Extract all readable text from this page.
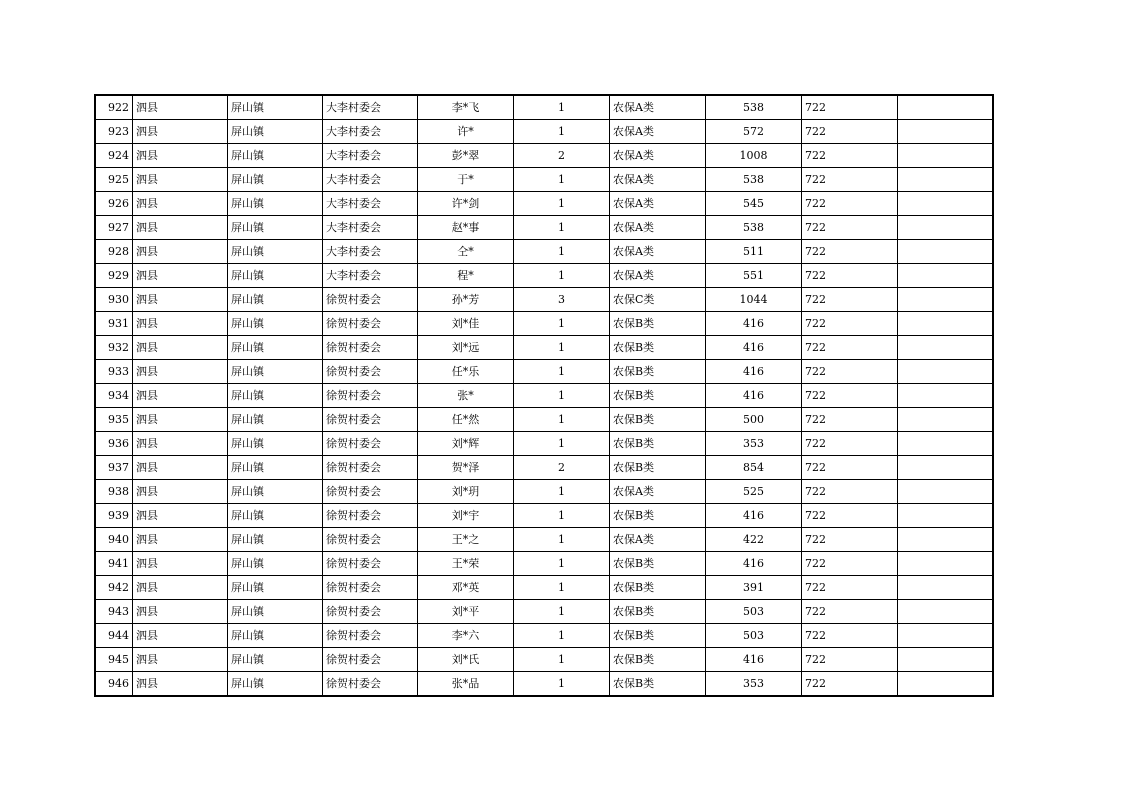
922	泗县	屏山镇	大李村委会	李*飞	1	农保A类	538	722	
923	泗县	屏山镇	大李村委会	许*	1	农保A类	572	722	
924	泗县	屏山镇	大李村委会	彭*翠	2	农保A类	1008	722	
925	泗县	屏山镇	大李村委会	于*	1	农保A类	538	722	
926	泗县	屏山镇	大李村委会	许*剑	1	农保A类	545	722	
927	泗县	屏山镇	大李村委会	赵*事	1	农保A类	538	722	
928	泗县	屏山镇	大李村委会	仝*	1	农保A类	511	722	
929	泗县	屏山镇	大李村委会	程*	1	农保A类	551	722	
930	泗县	屏山镇	徐贺村委会	孙*芳	3	农保C类	1044	722	
931	泗县	屏山镇	徐贺村委会	刘*佳	1	农保B类	416	722	
932	泗县	屏山镇	徐贺村委会	刘*远	1	农保B类	416	722	
933	泗县	屏山镇	徐贺村委会	任*乐	1	农保B类	416	722	
934	泗县	屏山镇	徐贺村委会	张*	1	农保B类	416	722	
935	泗县	屏山镇	徐贺村委会	任*然	1	农保B类	500	722	
936	泗县	屏山镇	徐贺村委会	刘*辉	1	农保B类	353	722	
937	泗县	屏山镇	徐贺村委会	贺*泽	2	农保B类	854	722	
938	泗县	屏山镇	徐贺村委会	刘*玥	1	农保A类	525	722	
939	泗县	屏山镇	徐贺村委会	刘*宇	1	农保B类	416	722	
940	泗县	屏山镇	徐贺村委会	王*之	1	农保A类	422	722	
941	泗县	屏山镇	徐贺村委会	王*荣	1	农保B类	416	722	
942	泗县	屏山镇	徐贺村委会	邓*英	1	农保B类	391	722	
943	泗县	屏山镇	徐贺村委会	刘*平	1	农保B类	503	722	
944	泗县	屏山镇	徐贺村委会	李*六	1	农保B类	503	722	
945	泗县	屏山镇	徐贺村委会	刘*氏	1	农保B类	416	722	
946	泗县	屏山镇	徐贺村委会	张*品	1	农保B类	353	722	
